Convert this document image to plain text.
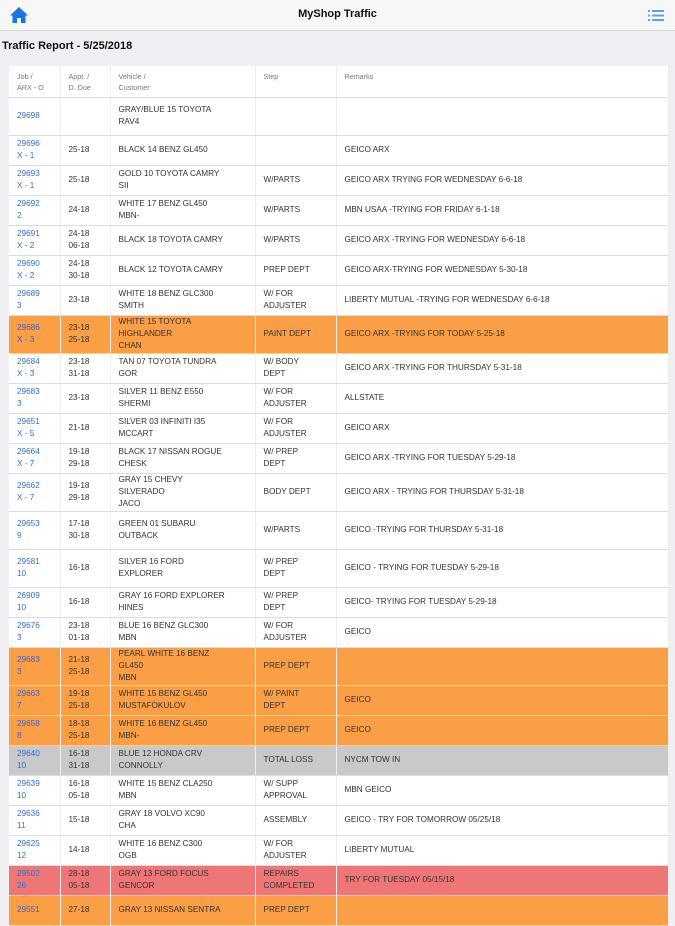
MyShop Traffic
Traffic Report - 5/25/2018
Job /
ARX - O	Appt. /
D. Due	Vehicle /
Customer	Step	Remarks

29698		GRAY/BLUE 15 TOYOTA
RAV4		

29696
X - 1	25-18	BLACK 14 BENZ GL450		GEICO ARX

29693
X - 1	25-18	GOLD 10 TOYOTA CAMRY
SII	W/PARTS	GEICO ARX TRYING FOR WEDNESDAY 6-6-18

29692
2	24-18	WHITE 17 BENZ GL450
MBN-	W/PARTS	MBN USAA -TRYING FOR FRIDAY 6-1-18

29691
X - 2	24-18
06-18	BLACK 18 TOYOTA CAMRY	W/PARTS	GEICO ARX -TRYING FOR WEDNESDAY 6-6-18

29690
X - 2	24-18
30-18	BLACK 12 TOYOTA CAMRY	PREP DEPT	GEICO ARX-TRYING FOR WEDNESDAY 5-30-18

29689
3	23-18	WHITE 18 BENZ GLC300
SMITH	W/ FOR
ADJUSTER	LIBERTY MUTUAL -TRYING FOR WEDNESDAY 6-6-18

29686
X - 3	23-18
25-18	WHITE 15 TOYOTA
HIGHLANDER
CHAN	PAINT DEPT	GEICO ARX -TRYING FOR TODAY 5-25-18

29684
X - 3	23-18
31-18	TAN 07 TOYOTA TUNDRA
GOR	W/ BODY
DEPT	GEICO ARX -TRYING FOR THURSDAY 5-31-18

29683
3	23-18	SILVER 11 BENZ E550
SHERMI	W/ FOR
ADJUSTER	ALLSTATE

29651
X - 5	21-18	SILVER 03 INFINITI I35
MCCART	W/ FOR
ADJUSTER	GEICO ARX

29664
X - 7	19-18
29-18	BLACK 17 NISSAN ROGUE
CHESK	W/ PREP
DEPT	GEICO ARX -TRYING FOR TUESDAY 5-29-18

29662
X - 7	19-18
29-18	GRAY 15 CHEVY
SILVERADO
JACO	BODY DEPT	GEICO ARX - TRYING FOR THURSDAY 5-31-18

29653
9	17-18
30-18	GREEN 01 SUBARU
OUTBACK	W/PARTS	GEICO -TRYING FOR THURSDAY 5-31-18

29581
10	16-18	SILVER 16 FORD
EXPLORER	W/ PREP
DEPT	GEICO - TRYING FOR TUESDAY 5-29-18

26909
10	16-18	GRAY 16 FORD EXPLORER
HINES	W/ PREP
DEPT	GEICO- TRYING FOR TUESDAY 5-29-18

29676
3	23-18
01-18	BLUE 16 BENZ GLC300
MBN	W/ FOR
ADJUSTER	GEICO

29683
3	21-18
25-18	PEARL WHITE 16 BENZ
GL450
MBN	PREP DEPT	

29663
7	19-18
25-18	WHITE 15 BENZ GL450
MUSTAFOKULOV	W/ PAINT
DEPT	GEICO

29658
8	18-18
25-18	WHITE 16 BENZ GL450
MBN-	PREP DEPT	GEICO

29640
10	16-18
31-18	BLUE 12 HONDA CRV
CONNOLLY	TOTAL LOSS	NYCM TOW IN

29639
10	16-18
05-18	WHITE 15 BENZ CLA250
MBN	W/ SUPP
APPROVAL	MBN GEICO

29636
11	15-18	GRAY 18 VOLVO XC90
CHA	ASSEMBLY	GEICO - TRY FOR TOMORROW 05/25/18

29625
12	14-18	WHITE 16 BENZ C300
OGB	W/ FOR
ADJUSTER	LIBERTY MUTUAL

29502
26	28-18
05-18	GRAY 13 FORD FOCUS
GENCOR	REPAIRS
COMPLETED	TRY FOR TUESDAY 05/15/18

29551	27-18	GRAY 13 NISSAN SENTRA	PREP DEPT	
